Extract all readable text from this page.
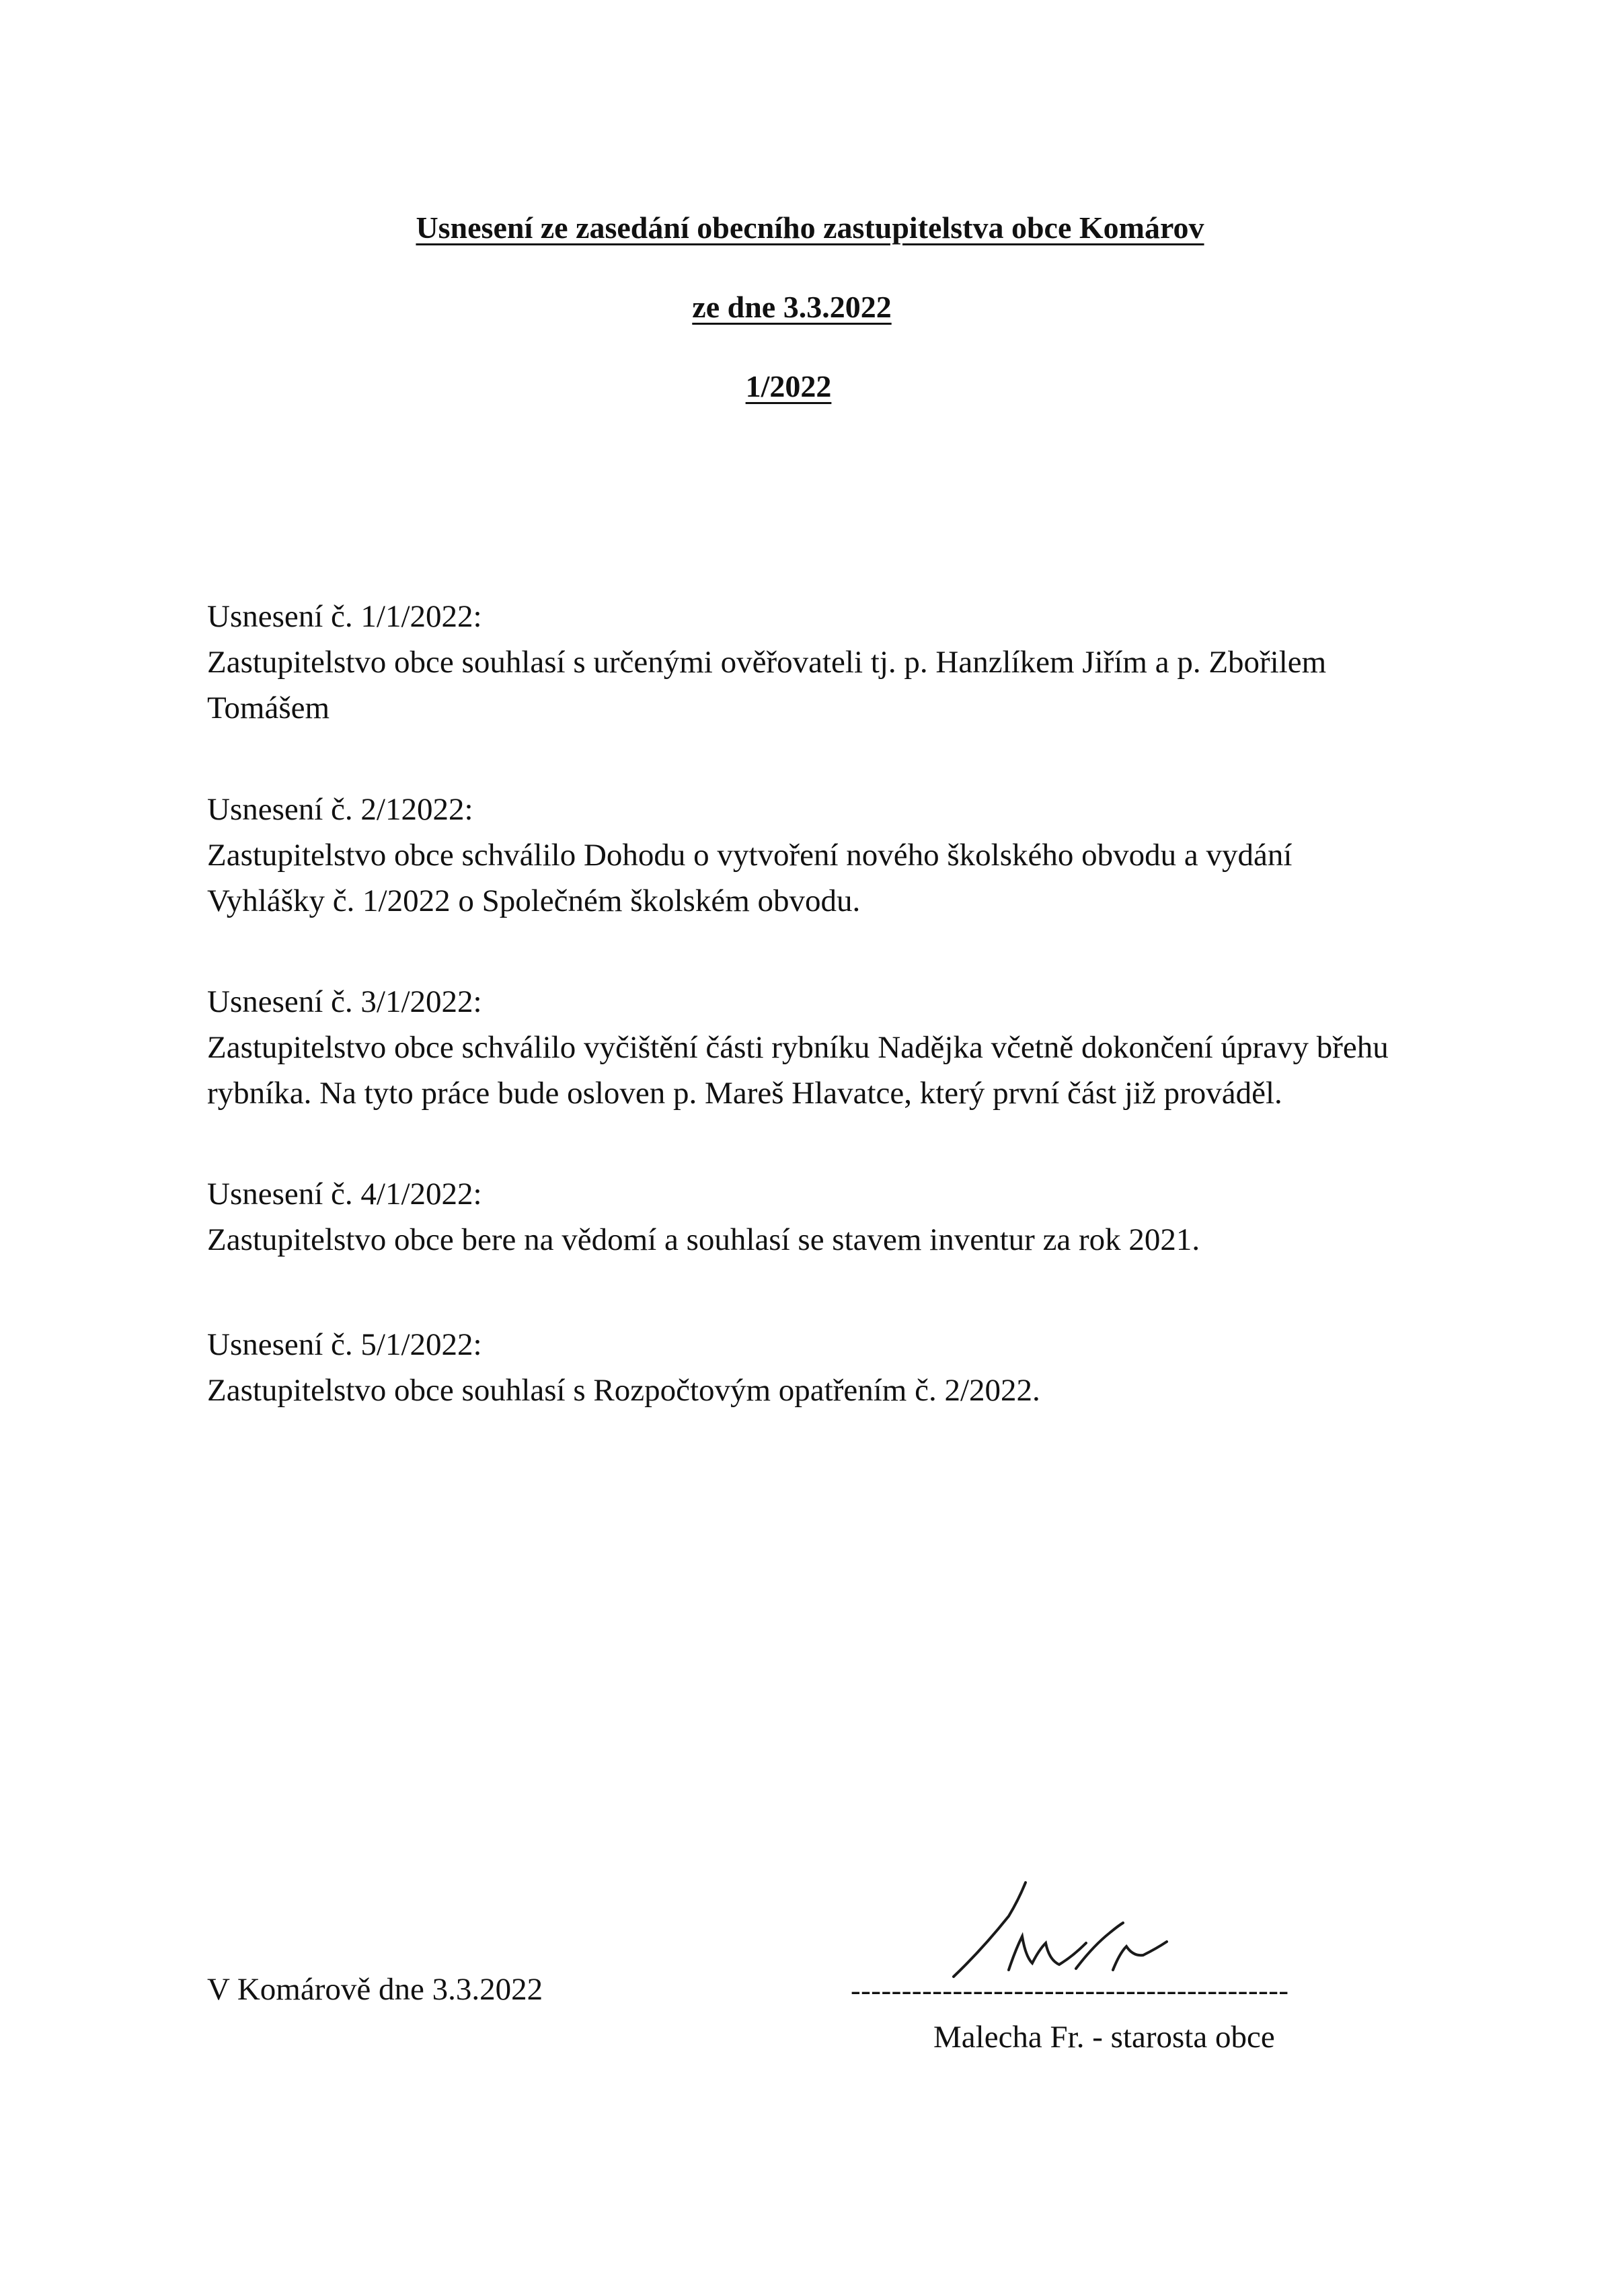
Usnesení ze zasedání obecního zastupitelstva obce Komárov
ze dne 3.3.2022
1/2022
Usnesení č. 1/1/2022:
Zastupitelstvo obce souhlasí s určenými ověřovateli tj. p. Hanzlíkem Jiřím a p. Zbořilem
Tomášem
Usnesení č. 2/12022:
Zastupitelstvo obce schválilo Dohodu o vytvoření nového školského obvodu a vydání
Vyhlášky č. 1/2022 o Společném školském obvodu.
Usnesení č. 3/1/2022:
Zastupitelstvo obce schválilo vyčištění části rybníku Nadějka včetně dokončení úpravy břehu
rybníka. Na tyto práce bude osloven p. Mareš Hlavatce, který první část již prováděl.
Usnesení č. 4/1/2022:
Zastupitelstvo obce bere na vědomí a souhlasí se stavem inventur za rok 2021.
Usnesení č. 5/1/2022:
Zastupitelstvo obce souhlasí s Rozpočtovým opatřením č. 2/2022.
V Komárově dne 3.3.2022	-------------------------------------------
Malecha Fr. - starosta obce
